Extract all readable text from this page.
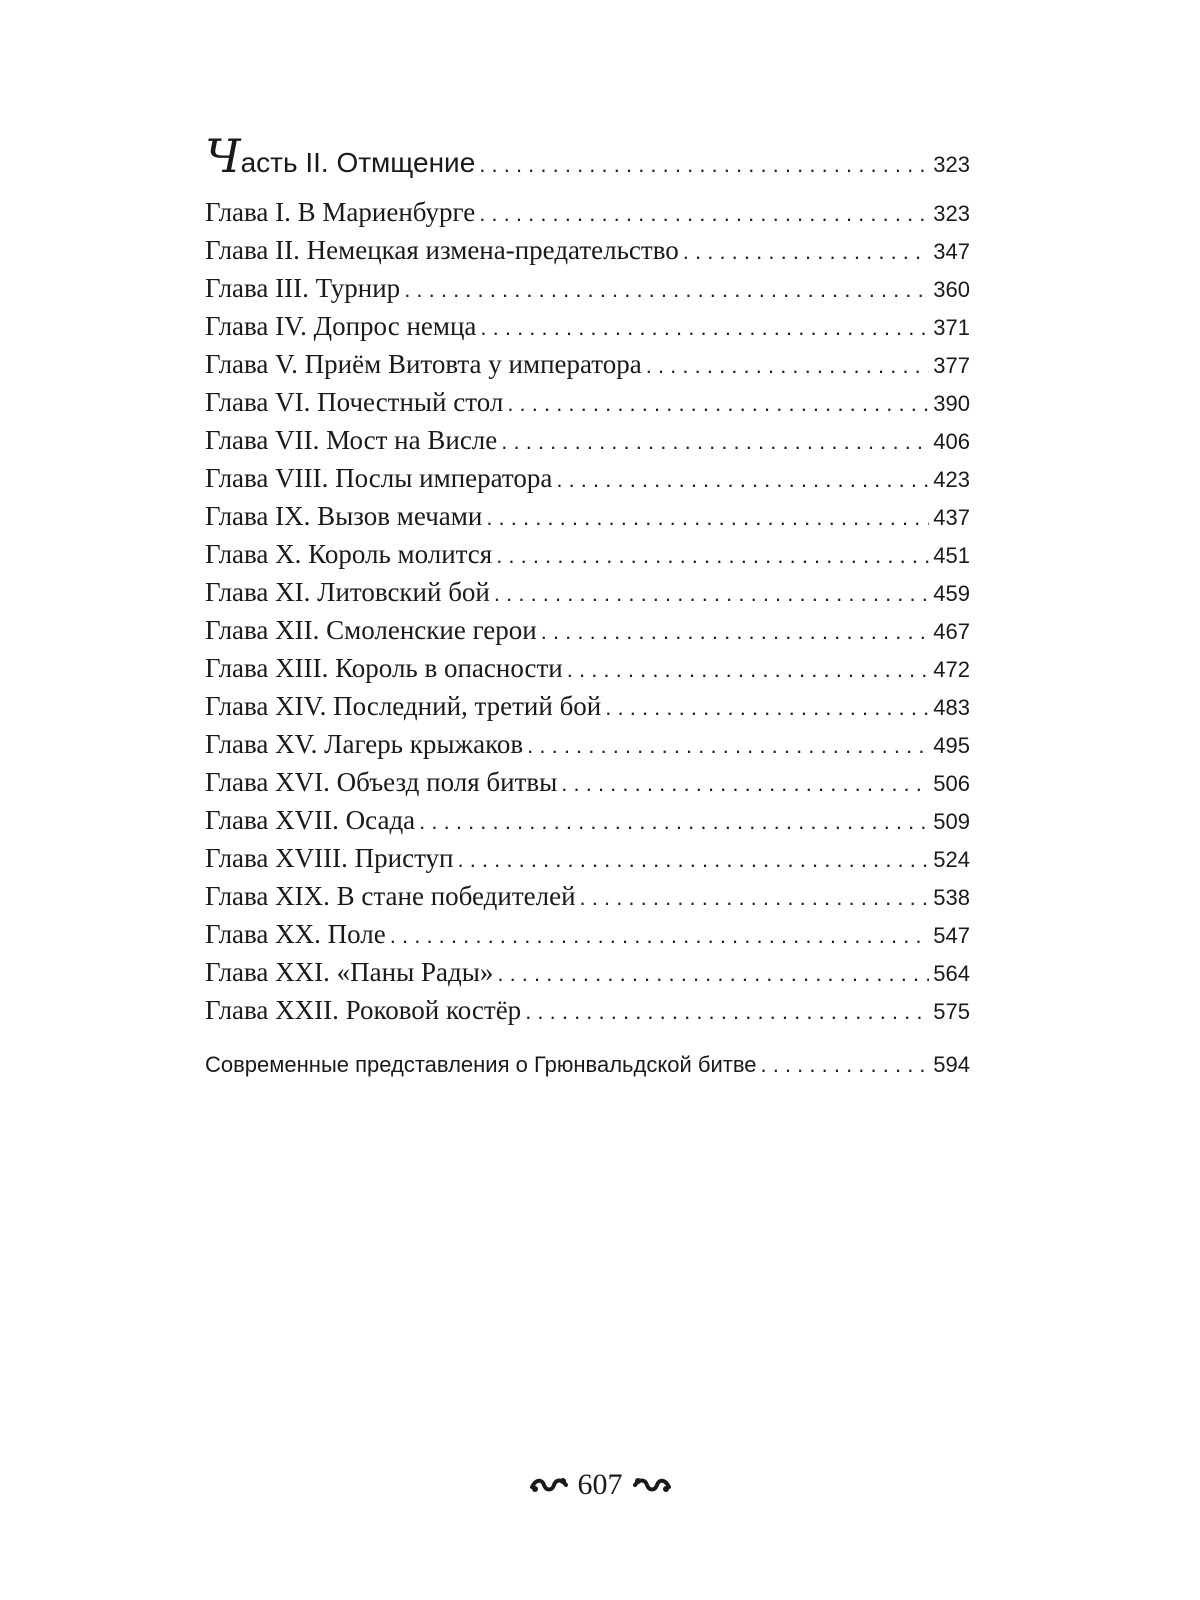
Часть II. Отмщение . . .	323
Глава I. В Мариенбурге . . .	323
Глава II. Немецкая измена-предательство . . .	347
Глава III. Турнир . . .	360
Глава IV. Допрос немца . . .	371
Глава V. Приём Витовта у императора . . .	377
Глава VI. Почестный стол . . .	390
Глава VII. Мост на Висле . . .	406
Глава VIII. Послы императора . . .	423
Глава IX. Вызов мечами . . .	437
Глава X. Король молится . . .	451
Глава XI. Литовский бой . . .	459
Глава XII. Смоленские герои . . .	467
Глава XIII. Король в опасности . . .	472
Глава XIV. Последний, третий бой . . .	483
Глава XV. Лагерь крыжаков . . .	495
Глава XVI. Объезд поля битвы . . .	506
Глава XVII. Осада . . .	509
Глава XVIII. Приступ . . .	524
Глава XIX. В стане победителей . . .	538
Глава XX. Поле . . .	547
Глава XXI. «Паны Рады» . . .	564
Глава XXII. Роковой костёр . . .	575
Современные представления о Грюнвальдской битве . . .	594
607
